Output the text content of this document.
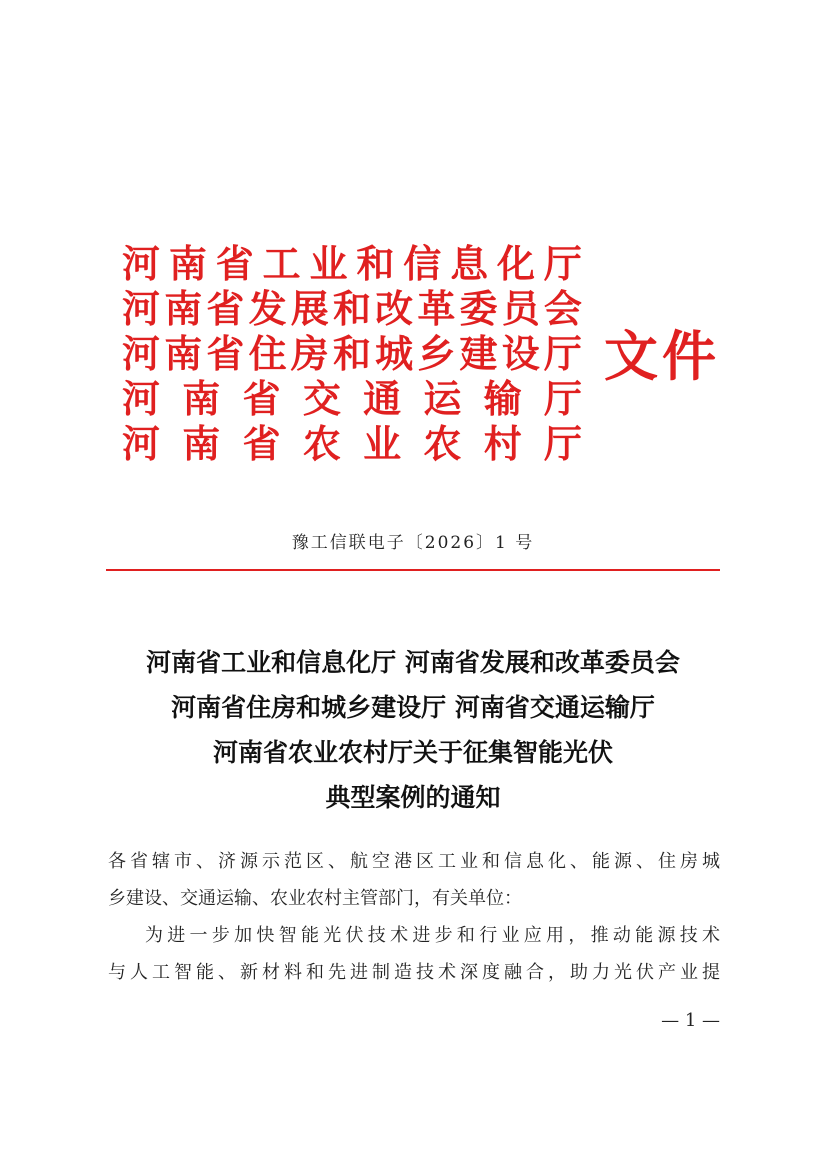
河 南 省 工 业 和 信 息 化 厅
河 南 省 发 展 和 改 革 委 员 会
河 南 省 住 房 和 城 乡 建 设 厅
河 南 省 交 通 运 输 厅
河 南 省 农 业 农 村 厅
文件
豫工信联电子〔2026〕1 号
河南省工业和信息化厅 河南省发展和改革委员会
河南省住房和城乡建设厅 河南省交通运输厅
河南省农业农村厅关于征集智能光伏
典型案例的通知
各省辖市、济源示范区、航空港区工业和信息化、能源、住房城
乡建设、交通运输、农业农村主管部门，有关单位：
为进一步加快智能光伏技术进步和行业应用，推动能源技术
与人工智能、新材料和先进制造技术深度融合，助力光伏产业提
— 1 —
